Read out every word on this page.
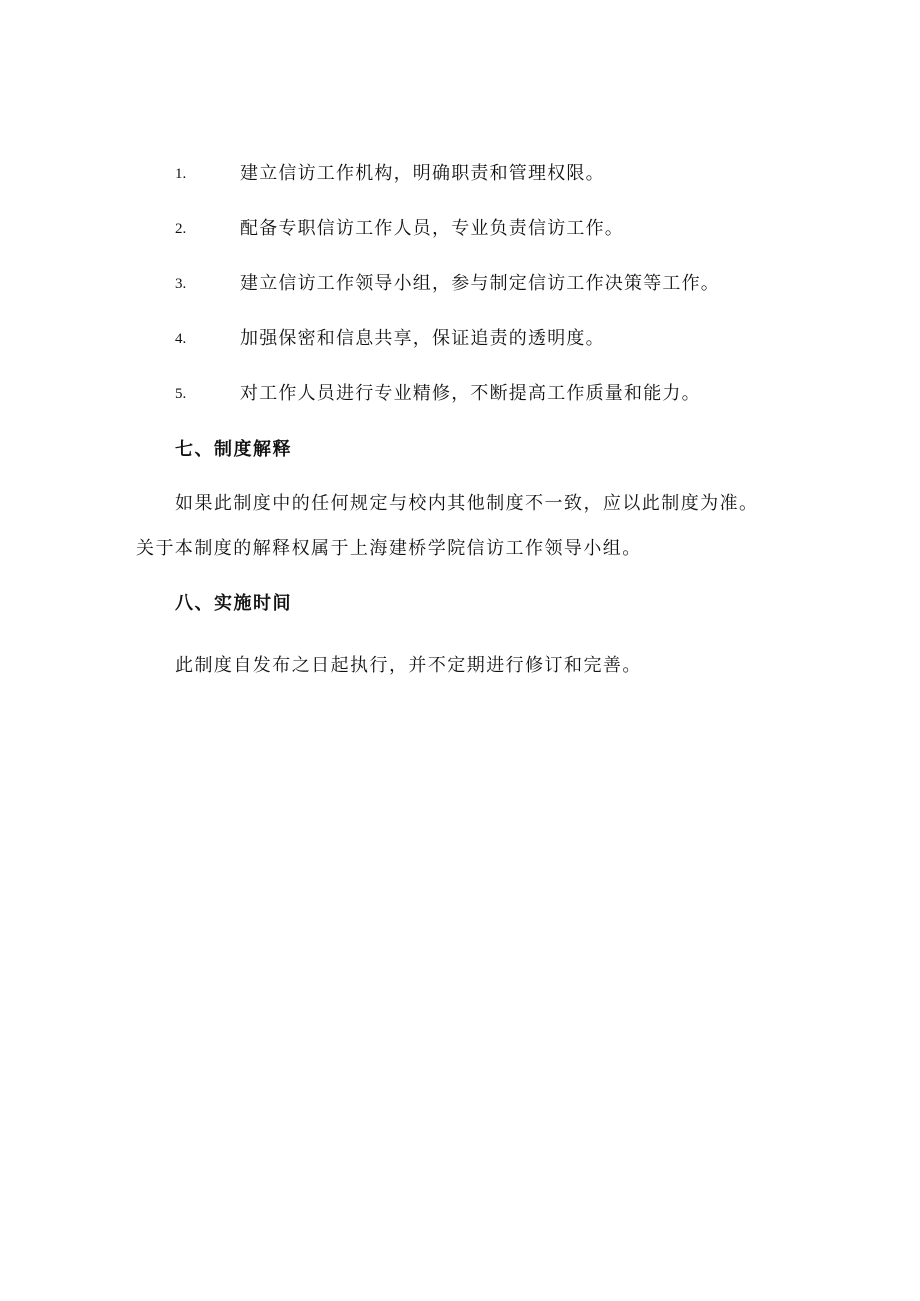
1.	建立信访工作机构，明确职责和管理权限。
2.	配备专职信访工作人员，专业负责信访工作。
3.	建立信访工作领导小组，参与制定信访工作决策等工作。
4.	加强保密和信息共享，保证追责的透明度。
5.	对工作人员进行专业精修，不断提高工作质量和能力。
七、制度解释
如果此制度中的任何规定与校内其他制度不一致，应以此制度为准。
关于本制度的解释权属于上海建桥学院信访工作领导小组。
八、实施时间
此制度自发布之日起执行，并不定期进行修订和完善。
